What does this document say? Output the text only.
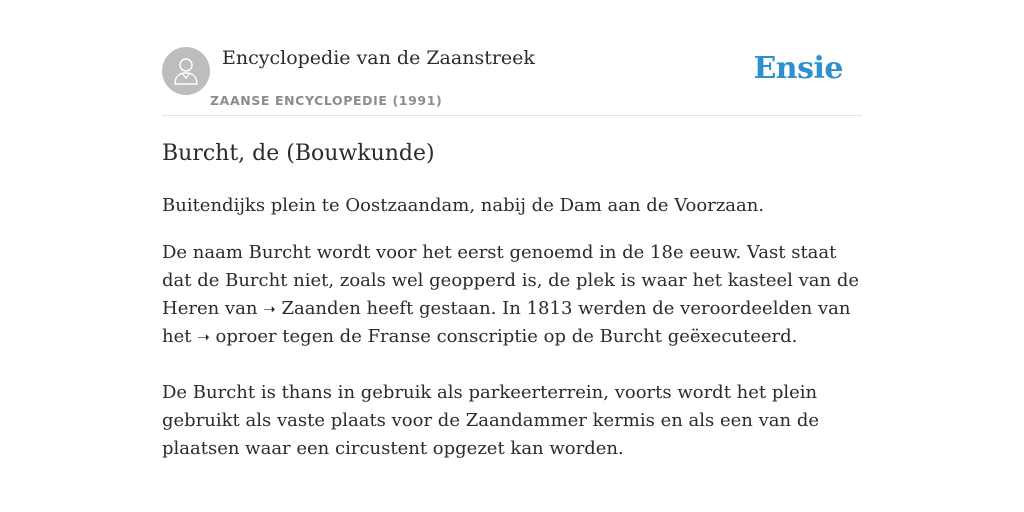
Encyclopedie van de Zaanstreek
ZAANSE ENCYCLOPEDIE (1991)
Ensie
Burcht, de (Bouwkunde)

Buitendijks plein te Oostzaandam, nabij de Dam aan de Voorzaan.

De naam Burcht wordt voor het eerst genoemd in de 18e eeuw. Vast staat dat de Burcht niet, zoals wel geopperd is, de plek is waar het kasteel van de Heren van ➝ Zaanden heeft gestaan. In 1813 werden de veroordeelden van het ➝ oproer tegen de Franse conscriptie op de Burcht geëxecuteerd.

De Burcht is thans in gebruik als parkeerterrein, voorts wordt het plein gebruikt als vaste plaats voor de Zaandammer kermis en als een van de plaatsen waar een circustent opgezet kan worden.
